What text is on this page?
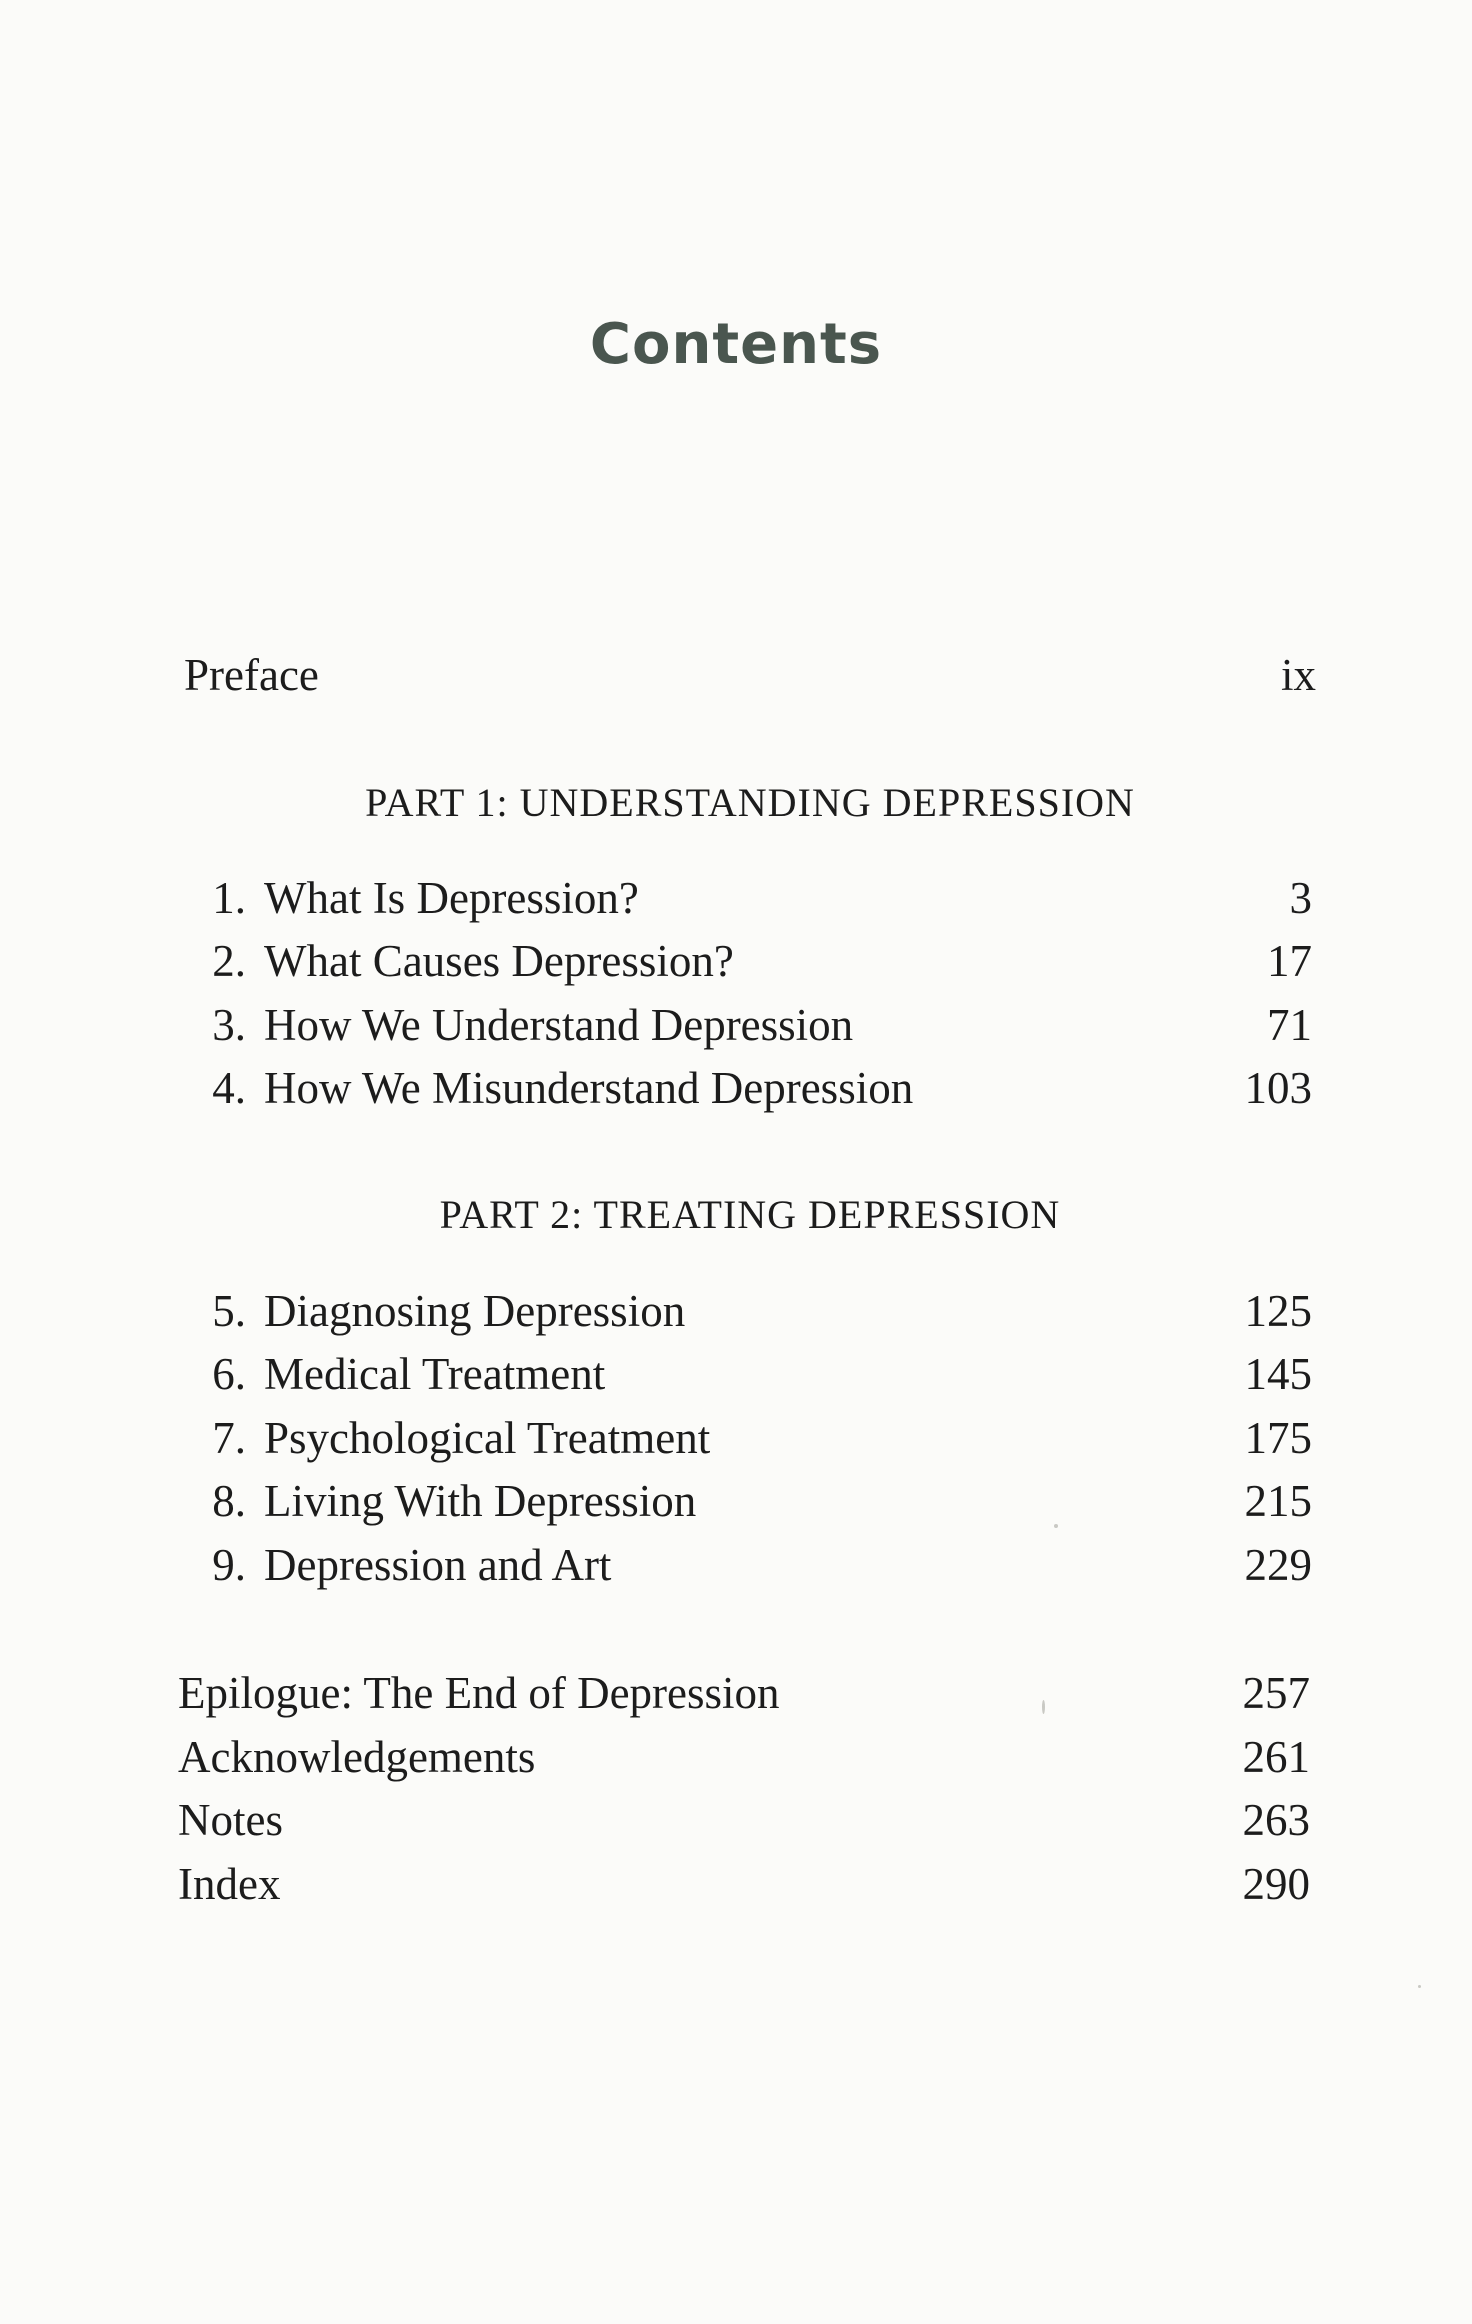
Contents
Preface	ix
PART 1: UNDERSTANDING DEPRESSION
1. What Is Depression?	3
2. What Causes Depression?	17
3. How We Understand Depression	71
4. How We Misunderstand Depression	103
PART 2: TREATING DEPRESSION
5. Diagnosing Depression	125
6. Medical Treatment	145
7. Psychological Treatment	175
8. Living With Depression	215
9. Depression and Art	229
Epilogue: The End of Depression	257
Acknowledgements	261
Notes	263
Index	290
